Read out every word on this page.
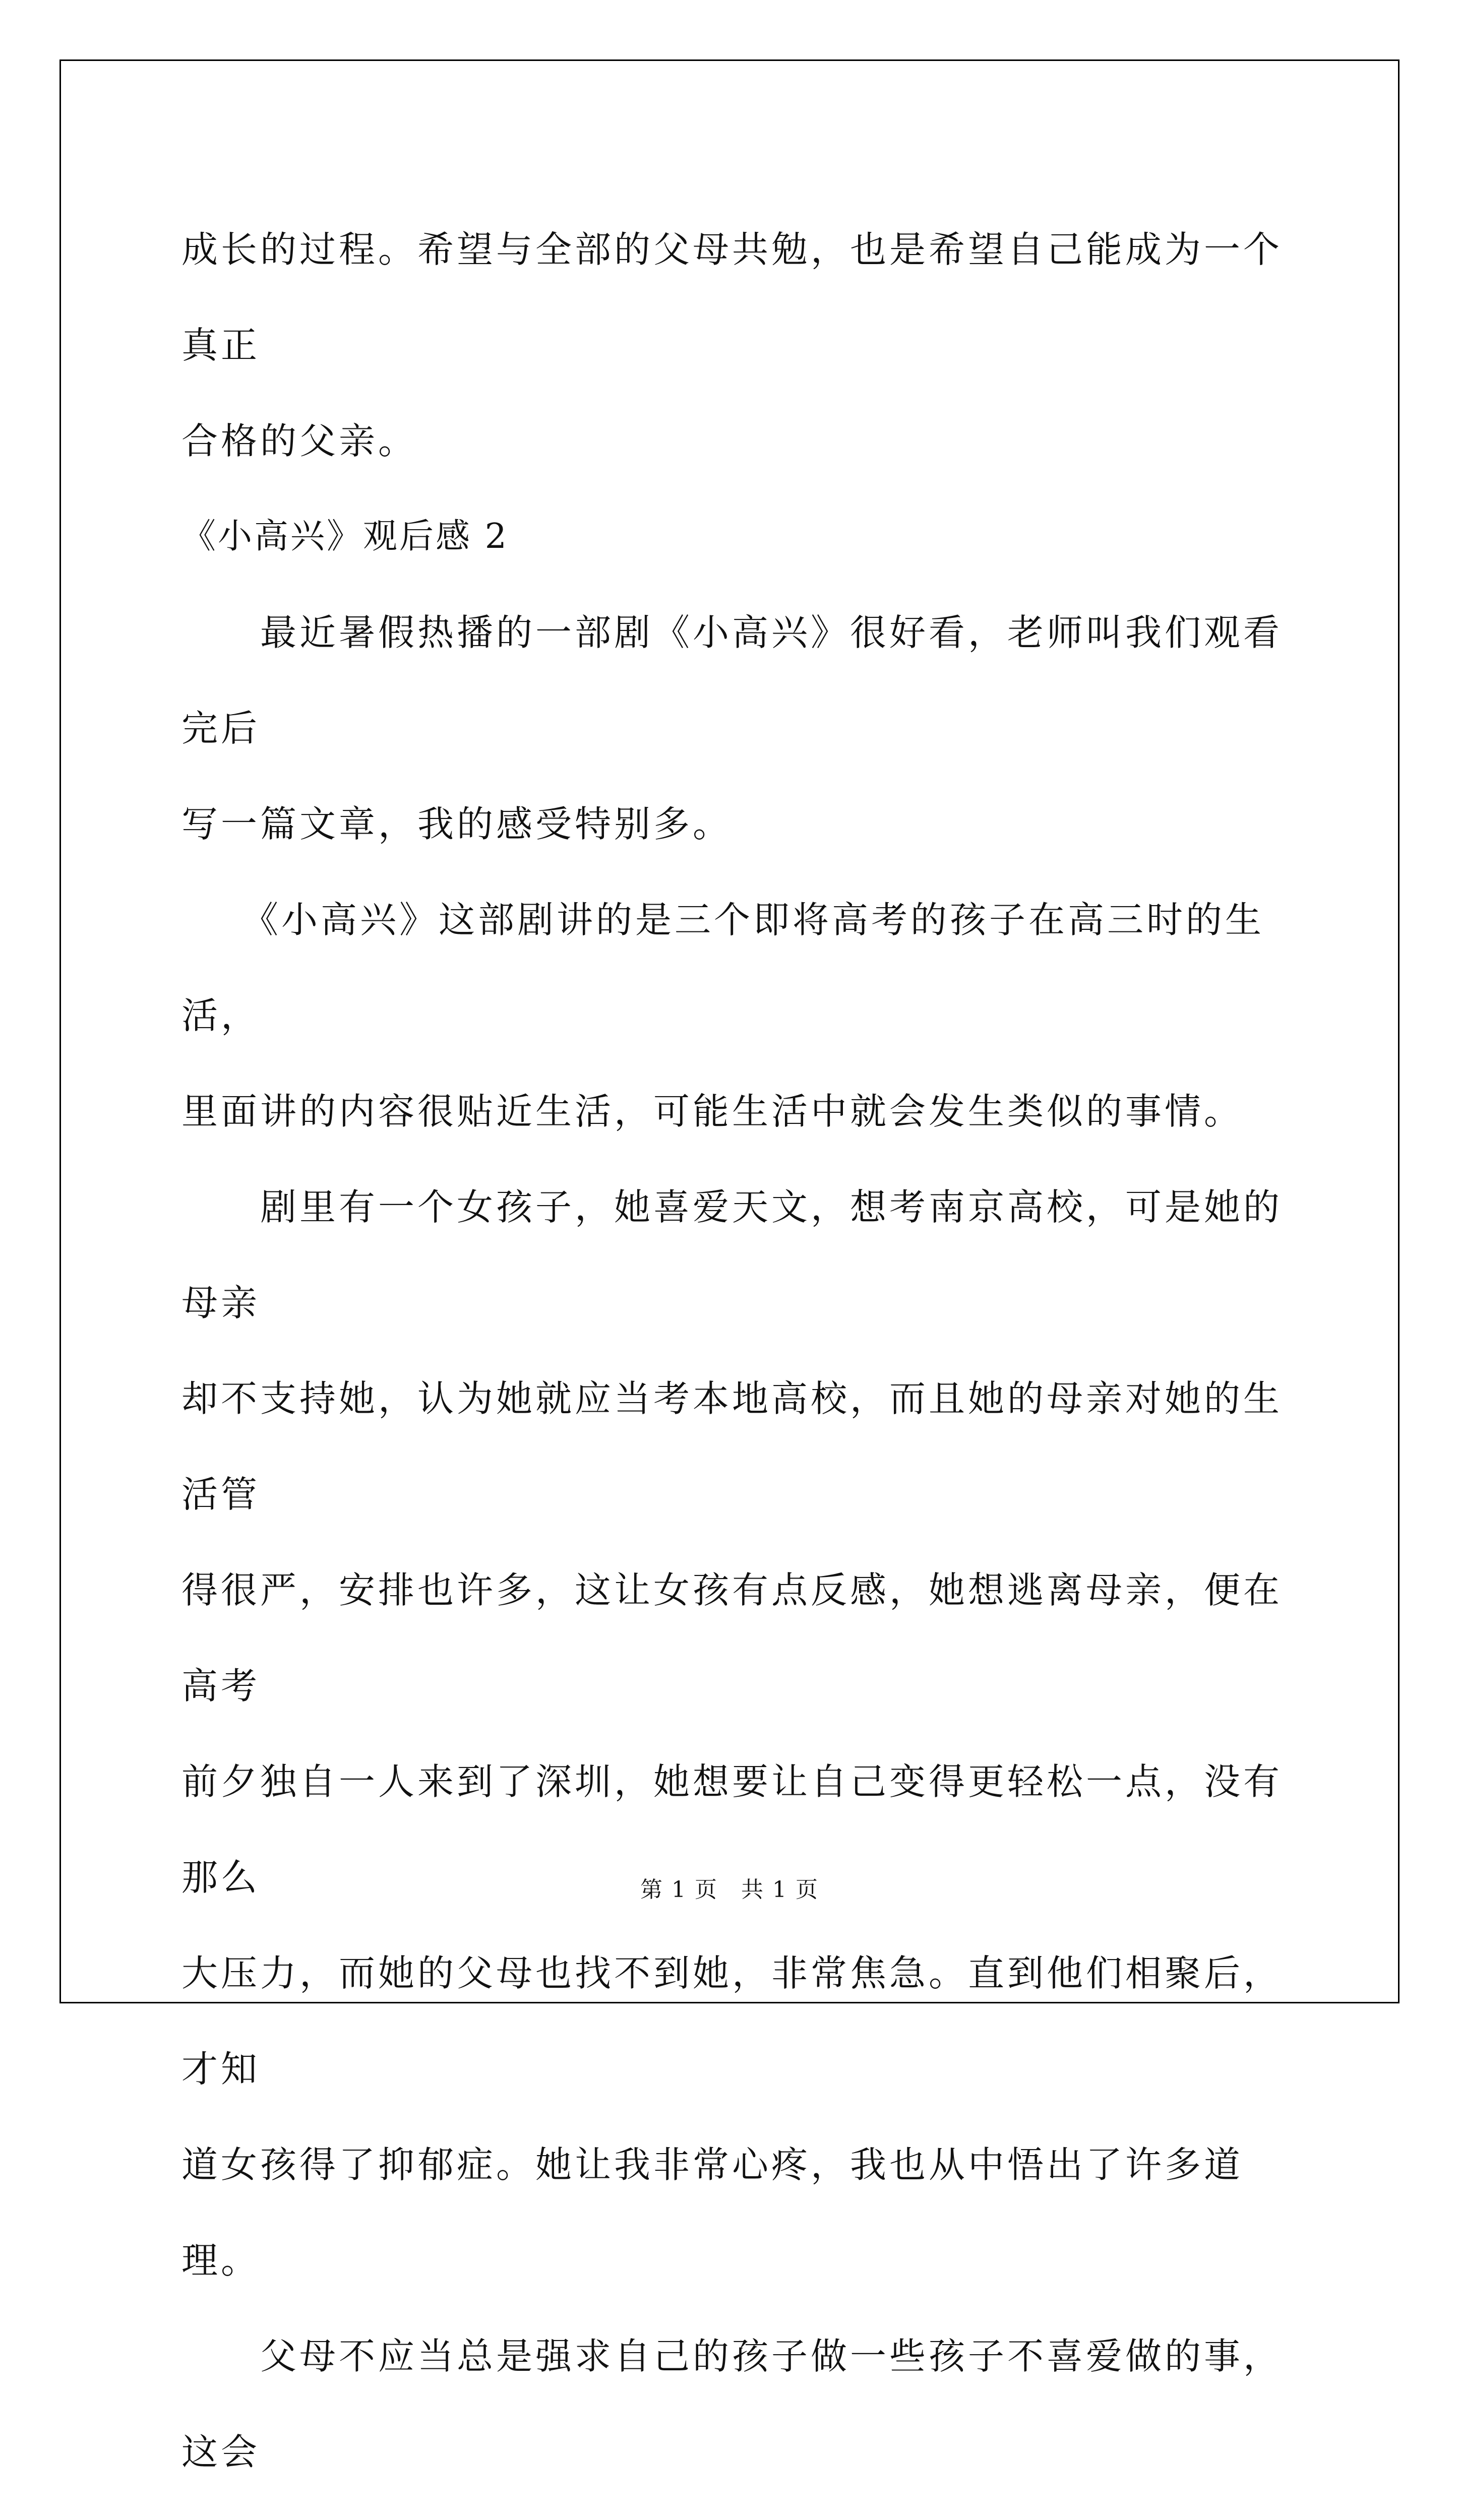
成长的过程。希望与全部的父母共勉，也是希望自己能成为一个真正

合格的父亲。

《小高兴》观后感 2

　　最近暑假热播的一部剧《小高兴》很好看，老师叫我们观看完后

写一篇文章，我的感受特别多。

　　《小高兴》这部剧讲的是三个即将高考的孩子在高三时的生活，

里面讲的内容很贴近生活，可能生活中就会发生类似的事情。

　　剧里有一个女孩子，她喜爱天文，想考南京高校，可是她的母亲

却不支持她，认为她就应当考本地高校，而且她的母亲对她的生活管

得很严，安排也许多，这让女孩有点反感，她想逃离母亲，便在高考

前夕独自一人来到了深圳，她想要让自己变得更轻松一点，没有那么

大压力，而她的父母也找不到她，非常焦急。直到他们相聚后，才知

道女孩得了抑郁症。她让我非常心疼，我也从中悟出了许多道理。

　　父母不应当总是强求自己的孩子做一些孩子不喜爱做的事，这会

第 1 页　共 1 页
